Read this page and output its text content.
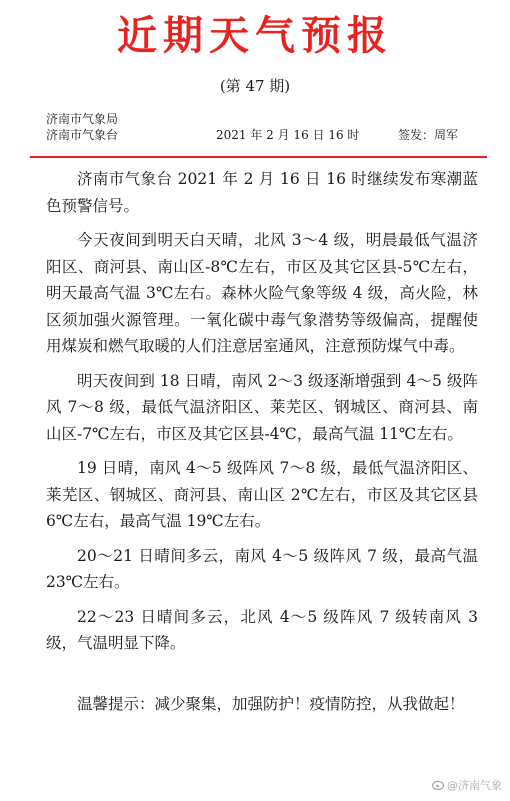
近期天气预报
(第 47 期)
济南市气象局
济南市气象台	2021 年 2 月 16 日 16 时	签发：周军

济南市气象台 2021 年 2 月 16 日 16 时继续发布寒潮蓝色预警信号。

今天夜间到明天白天晴，北风 3～4 级，明晨最低气温济阳区、商河县、南山区-8℃左右，市区及其它区县-5℃左右，明天最高气温 3℃左右。森林火险气象等级 4 级，高火险，林区须加强火源管理。一氧化碳中毒气象潜势等级偏高，提醒使用煤炭和燃气取暖的人们注意居室通风，注意预防煤气中毒。

明天夜间到 18 日晴，南风 2～3 级逐渐增强到 4～5 级阵风 7～8 级，最低气温济阳区、莱芜区、钢城区、商河县、南山区-7℃左右，市区及其它区县-4℃，最高气温 11℃左右。

19 日晴，南风 4～5 级阵风 7～8 级，最低气温济阳区、莱芜区、钢城区、商河县、南山区 2℃左右，市区及其它区县 6℃左右，最高气温 19℃左右。

20～21 日晴间多云，南风 4～5 级阵风 7 级，最高气温 23℃左右。

22～23 日晴间多云，北风 4～5 级阵风 7 级转南风 3 级，气温明显下降。

温馨提示：减少聚集，加强防护！疫情防控，从我做起！

@济南气象
